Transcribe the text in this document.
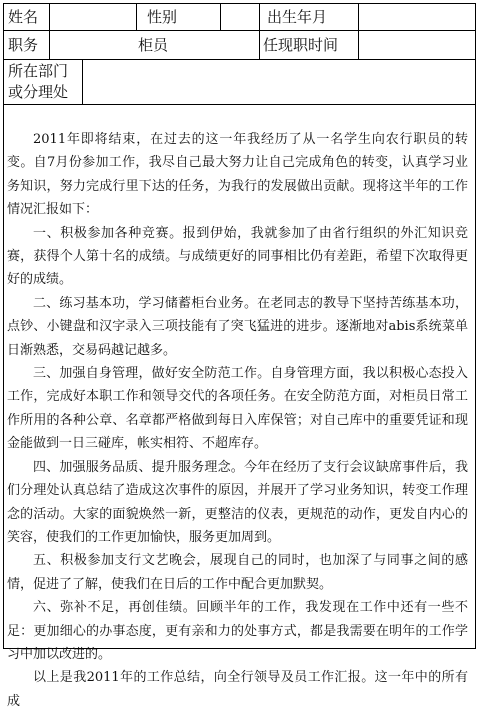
姓名	性别	出生年月
职务	柜员	任现职时间
所在部门
或分理处

2011年即将结束，在过去的这一年我经历了从一名学生向农行职员的转变。自7月份参加工作，我尽自己最大努力让自己完成角色的转变，认真学习业务知识，努力完成行里下达的任务，为我行的发展做出贡献。现将这半年的工作情况汇报如下：

一、积极参加各种竞赛。报到伊始，我就参加了由省行组织的外汇知识竞赛，获得个人第十名的成绩。与成绩更好的同事相比仍有差距，希望下次取得更好的成绩。

二、练习基本功，学习储蓄柜台业务。在老同志的教导下坚持苦练基本功，点钞、小键盘和汉字录入三项技能有了突飞猛进的进步。逐渐地对abis系统菜单日渐熟悉，交易码越记越多。

三、加强自身管理，做好安全防范工作。自身管理方面，我以积极心态投入工作，完成好本职工作和领导交代的各项任务。在安全防范方面，对柜员日常工作所用的各种公章、名章都严格做到每日入库保管；对自己库中的重要凭证和现金能做到一日三碰库，帐实相符、不超库存。

四、加强服务品质、提升服务理念。今年在经历了支行会议缺席事件后，我们分理处认真总结了造成这次事件的原因，并展开了学习业务知识，转变工作理念的活动。大家的面貌焕然一新，更整洁的仪表，更规范的动作，更发自内心的笑容，使我们的工作更加愉快，服务更加周到。

五、积极参加支行文艺晚会，展现自己的同时，也加深了与同事之间的感情，促进了了解，使我们在日后的工作中配合更加默契。

六、弥补不足，再创佳绩。回顾半年的工作，我发现在工作中还有一些不足：更加细心的办事态度，更有亲和力的处事方式，都是我需要在明年的工作学习中加以改进的。

以上是我2011年的工作总结，向全行领导及员工作汇报。这一年中的所有成
